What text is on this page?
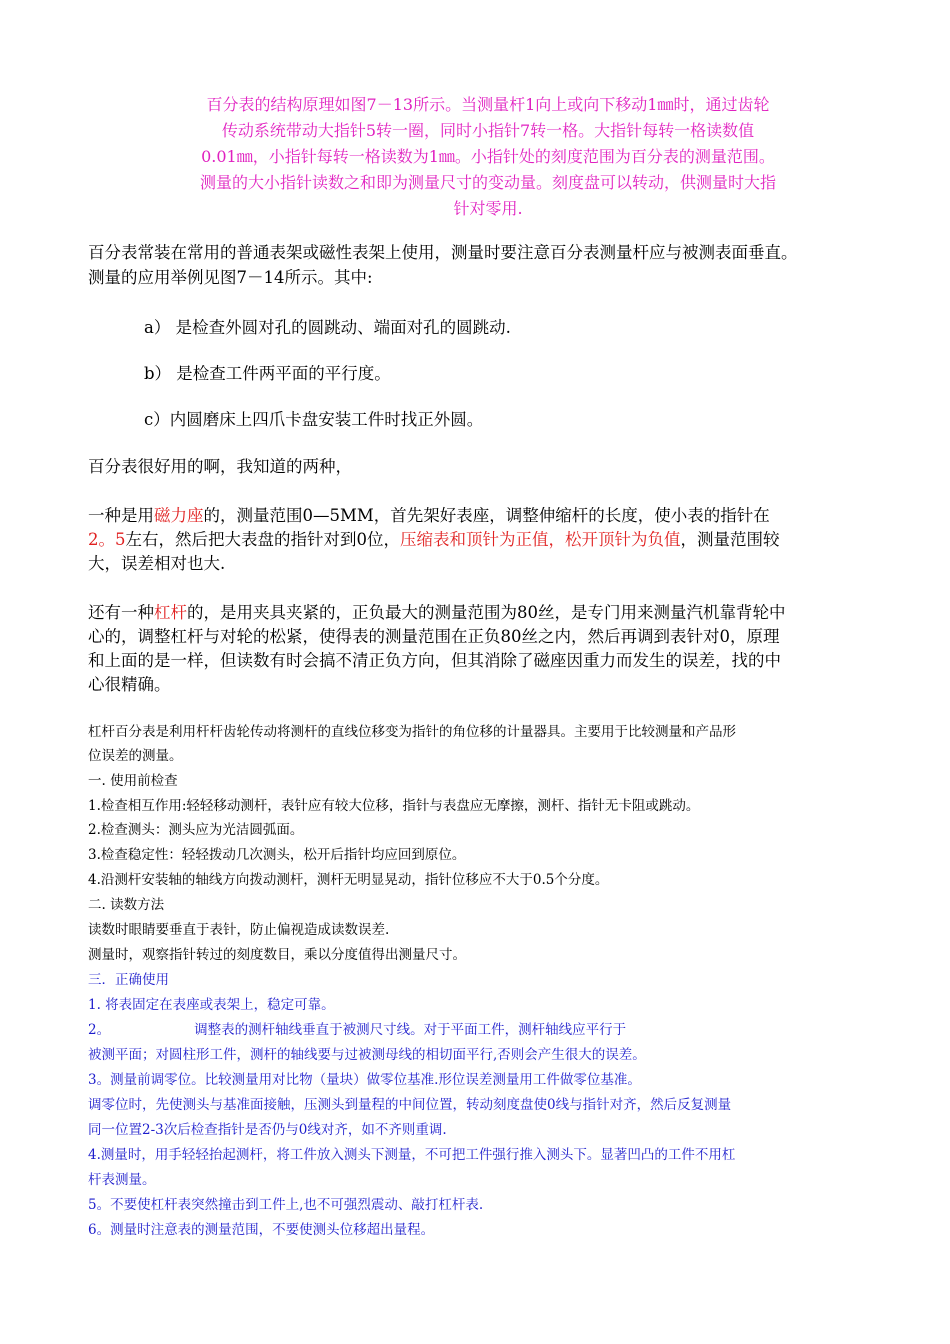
百分表的结构原理如图7－13所示。当测量杆1向上或向下移动1㎜时，通过齿轮
传动系统带动大指针5转一圈，同时小指针7转一格。大指针每转一格读数值
0.01㎜，小指针每转一格读数为1㎜。小指针处的刻度范围为百分表的测量范围。
测量的大小指针读数之和即为测量尺寸的变动量。刻度盘可以转动，供测量时大指
针对零用.
百分表常装在常用的普通表架或磁性表架上使用，测量时要注意百分表测量杆应与被测表面垂直。
测量的应用举例见图7－14所示。其中:
a） 是检查外圆对孔的圆跳动、端面对孔的圆跳动.
b） 是检查工件两平面的平行度。
c）内圆磨床上四爪卡盘安装工件时找正外圆。
百分表很好用的啊，我知道的两种，
一种是用磁力座的，测量范围0—5MM，首先架好表座，调整伸缩杆的长度，使小表的指针在
2。5左右，然后把大表盘的指针对到0位，压缩表和顶针为正值，松开顶针为负值，测量范围较
大，误差相对也大.
还有一种杠杆的，是用夹具夹紧的，正负最大的测量范围为80丝，是专门用来测量汽机靠背轮中
心的，调整杠杆与对轮的松紧，使得表的测量范围在正负80丝之内，然后再调到表针对0，原理
和上面的是一样，但读数有时会搞不清正负方向，但其消除了磁座因重力而发生的误差，找的中
心很精确。
杠杆百分表是利用杆杆齿轮传动将测杆的直线位移变为指针的角位移的计量器具。主要用于比较测量和产品形
位误差的测量。
一. 使用前检查
1.检查相互作用:轻轻移动测杆，表针应有较大位移，指针与表盘应无摩擦，测杆、指针无卡阻或跳动。
2.检查测头：测头应为光洁圆弧面。
3.检查稳定性：轻轻拨动几次测头，松开后指针均应回到原位。
4.沿测杆安装轴的轴线方向拨动测杆，测杆无明显晃动，指针位移应不大于0.5个分度。
二. 读数方法
读数时眼睛要垂直于表针，防止偏视造成读数误差.
测量时，观察指针转过的刻度数目，乘以分度值得出测量尺寸。
三．正确使用
1. 将表固定在表座或表架上，稳定可靠。
2。	调整表的测杆轴线垂直于被测尺寸线。对于平面工件，测杆轴线应平行于
被测平面；对圆柱形工件，测杆的轴线要与过被测母线的相切面平行,否则会产生很大的误差。
3。测量前调零位。比较测量用对比物（量块）做零位基准.形位误差测量用工件做零位基准。
调零位时，先使测头与基准面接触，压测头到量程的中间位置，转动刻度盘使0线与指针对齐，然后反复测量
同一位置2-3次后检查指针是否仍与0线对齐，如不齐则重调.
4.测量时，用手轻轻抬起测杆，将工件放入测头下测量，不可把工件强行推入测头下。显著凹凸的工件不用杠
杆表测量。
5。不要使杠杆表突然撞击到工件上,也不可强烈震动、敲打杠杆表.
6。测量时注意表的测量范围，不要使测头位移超出量程。
